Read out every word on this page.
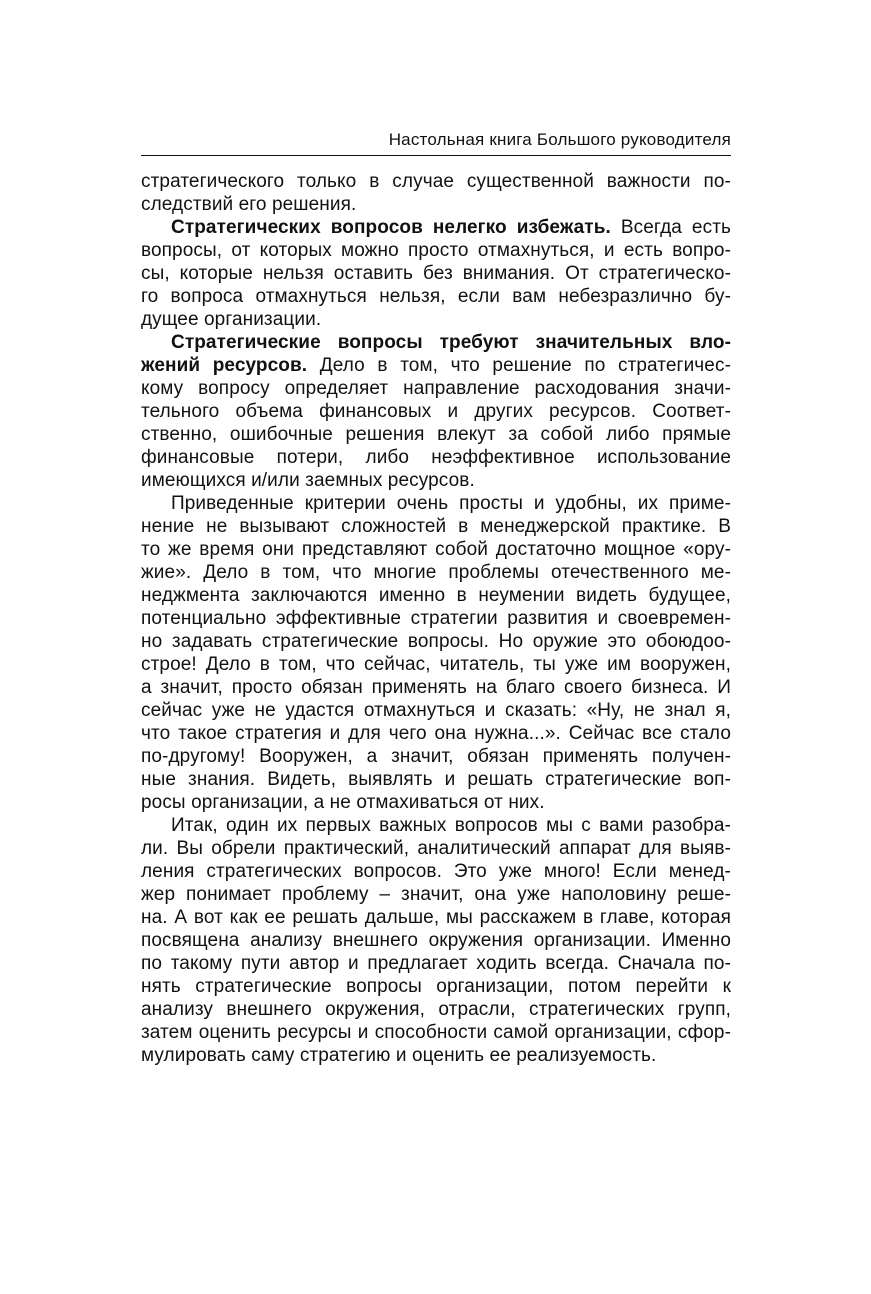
Настольная книга Большого руководителя
стратегического только в случае существенной важности по-
следствий его решения.
Стратегических вопросов нелегко избежать. Всегда есть
вопросы, от которых можно просто отмахнуться, и есть вопро-
сы, которые нельзя оставить без внимания. От стратегическо-
го вопроса отмахнуться нельзя, если вам небезразлично бу-
дущее организации.
Стратегические вопросы требуют значительных вло-
жений ресурсов. Дело в том, что решение по стратегичес-
кому вопросу определяет направление расходования значи-
тельного объема финансовых и других ресурсов. Соответ-
ственно, ошибочные решения влекут за собой либо прямые
финансовые потери, либо неэффективное использование
имеющихся и/или заемных ресурсов.
Приведенные критерии очень просты и удобны, их приме-
нение не вызывают сложностей в менеджерской практике. В
то же время они представляют собой достаточно мощное «ору-
жие». Дело в том, что многие проблемы отечественного ме-
неджмента заключаются именно в неумении видеть будущее,
потенциально эффективные стратегии развития и своевремен-
но задавать стратегические вопросы. Но оружие это обоюдоо-
строе! Дело в том, что сейчас, читатель, ты уже им вооружен,
а значит, просто обязан применять на благо своего бизнеса. И
сейчас уже не удастся отмахнуться и сказать: «Ну, не знал я,
что такое стратегия и для чего она нужна...». Сейчас все стало
по-другому! Вооружен, а значит, обязан применять получен-
ные знания. Видеть, выявлять и решать стратегические воп-
росы организации, а не отмахиваться от них.
Итак, один их первых важных вопросов мы с вами разобра-
ли. Вы обрели практический, аналитический аппарат для выяв-
ления стратегических вопросов. Это уже много! Если менед-
жер понимает проблему – значит, она уже наполовину реше-
на. А вот как ее решать дальше, мы расскажем в главе, которая
посвящена анализу внешнего окружения организации. Именно
по такому пути автор и предлагает ходить всегда. Сначала по-
нять стратегические вопросы организации, потом перейти к
анализу внешнего окружения, отрасли, стратегических групп,
затем оценить ресурсы и способности самой организации, сфор-
мулировать саму стратегию и оценить ее реализуемость.
